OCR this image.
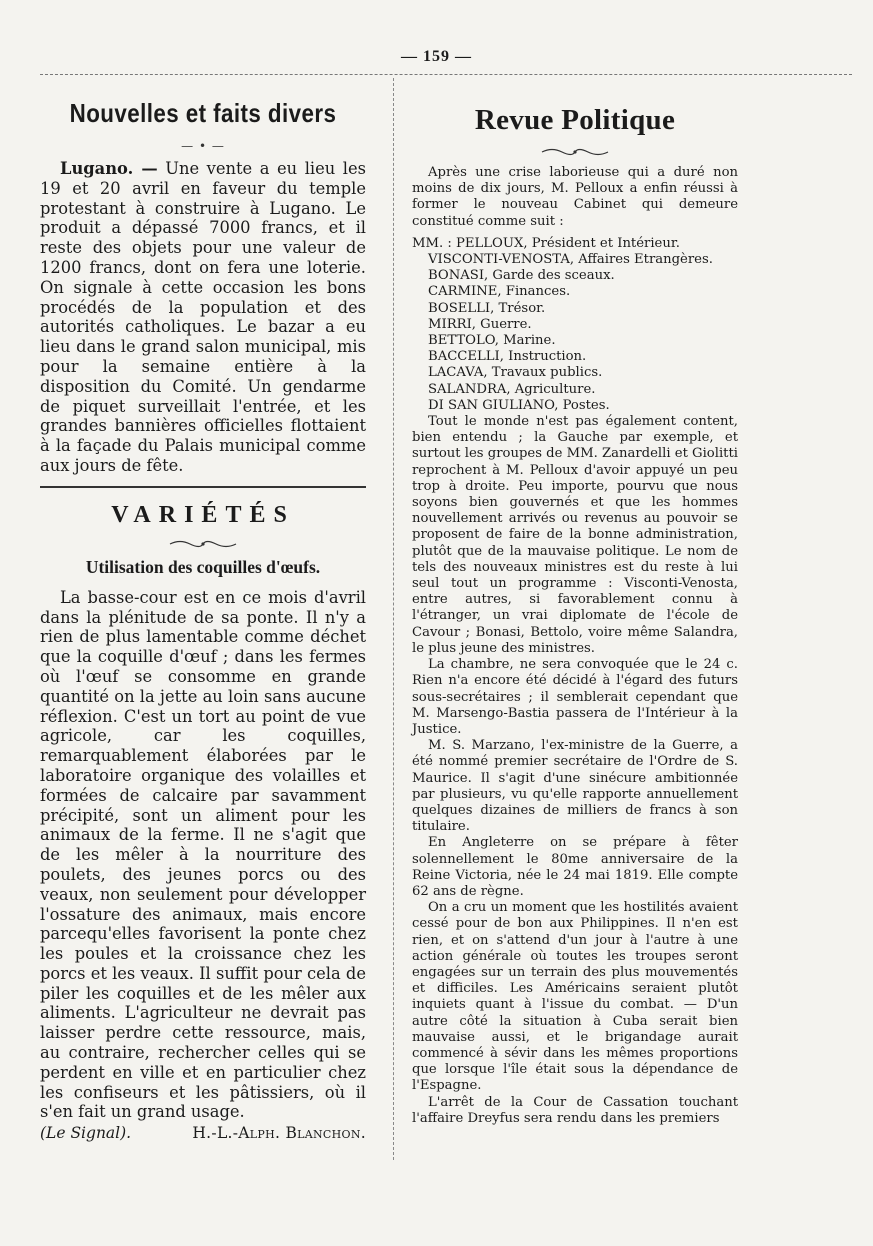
— 159 —
Nouvelles et faits divers
— • —

Lugano. — Une vente a eu lieu les 19 et 20 avril en faveur du temple protestant à construire à Lugano. Le produit a dépassé 7000 francs, et il reste des objets pour une valeur de 1200 francs, dont on fera une loterie. On signale à cette occasion les bons procédés de la population et des autorités catholiques. Le bazar a eu lieu dans le grand salon municipal, mis pour la semaine entière à la disposition du Comité. Un gendarme de piquet surveillait l'entrée, et les grandes bannières officielles flottaient à la façade du Palais municipal comme aux jours de fête.

VARIÉTÉS
Utilisation des coquilles d'œufs.

La basse-cour est en ce mois d'avril dans la plénitude de sa ponte. Il n'y a rien de plus lamentable comme déchet que la coquille d'œuf ; dans les fermes où l'œuf se consomme en grande quantité on la jette au loin sans aucune réflexion. C'est un tort au point de vue agricole, car les coquilles, remarquablement élaborées par le laboratoire organique des volailles et formées de calcaire par savamment précipité, sont un aliment pour les animaux de la ferme. Il ne s'agit que de les mêler à la nourriture des poulets, des jeunes porcs ou des veaux, non seulement pour développer l'ossature des animaux, mais encore parcequ'elles favorisent la ponte chez les poules et la croissance chez les porcs et les veaux. Il suffit pour cela de piler les coquilles et de les mêler aux aliments. L'agriculteur ne devrait pas laisser perdre cette ressource, mais, au contraire, rechercher celles qui se perdent en ville et en particulier chez les confiseurs et les pâtissiers, où il s'en fait un grand usage.

(Le Signal).	H.-L.-Alph. Blanchon.
Revue Politique

Après une crise laborieuse qui a duré non moins de dix jours, M. Pelloux a enfin réussi à former le nouveau Cabinet qui demeure constitué comme suit :

MM. : PELLOUX, Président et Intérieur.
VISCONTI-VENOSTA, Affaires Etrangères.
BONASI, Garde des sceaux.
CARMINE, Finances.
BOSELLI, Trésor.
MIRRI, Guerre.
BETTOLO, Marine.
BACCELLI, Instruction.
LACAVA, Travaux publics.
SALANDRA, Agriculture.
DI SAN GIULIANO, Postes.

Tout le monde n'est pas également content, bien entendu ; la Gauche par exemple, et surtout les groupes de MM. Zanardelli et Giolitti reprochent à M. Pelloux d'avoir appuyé un peu trop à droite. Peu importe, pourvu que nous soyons bien gouvernés et que les hommes nouvellement arrivés ou revenus au pouvoir se proposent de faire de la bonne administration, plutôt que de la mauvaise politique. Le nom de tels des nouveaux ministres est du reste à lui seul tout un programme : Visconti-Venosta, entre autres, si favorablement connu à l'étranger, un vrai diplomate de l'école de Cavour ; Bonasi, Bettolo, voire même Salandra, le plus jeune des ministres.

La chambre, ne sera convoquée que le 24 c. Rien n'a encore été décidé à l'égard des futurs sous-secrétaires ; il semblerait cependant que M. Marsengo-Bastia passera de l'Intérieur à la Justice.

M. S. Marzano, l'ex-ministre de la Guerre, a été nommé premier secrétaire de l'Ordre de S. Maurice. Il s'agit d'une sinécure ambitionnée par plusieurs, vu qu'elle rapporte annuellement quelques dizaines de milliers de francs à son titulaire.

En Angleterre on se prépare à fêter solennellement le 80me anniversaire de la Reine Victoria, née le 24 mai 1819. Elle compte 62 ans de règne.

On a cru un moment que les hostilités avaient cessé pour de bon aux Philippines. Il n'en est rien, et on s'attend d'un jour à l'autre à une action générale où toutes les troupes seront engagées sur un terrain des plus mouvementés et difficiles. Les Américains seraient plutôt inquiets quant à l'issue du combat. — D'un autre côté la situation à Cuba serait bien mauvaise aussi, et le brigandage aurait commencé à sévir dans les mêmes proportions que lorsque l'île était sous la dépendance de l'Espagne.

L'arrêt de la Cour de Cassation touchant l'affaire Dreyfus sera rendu dans les premiers
